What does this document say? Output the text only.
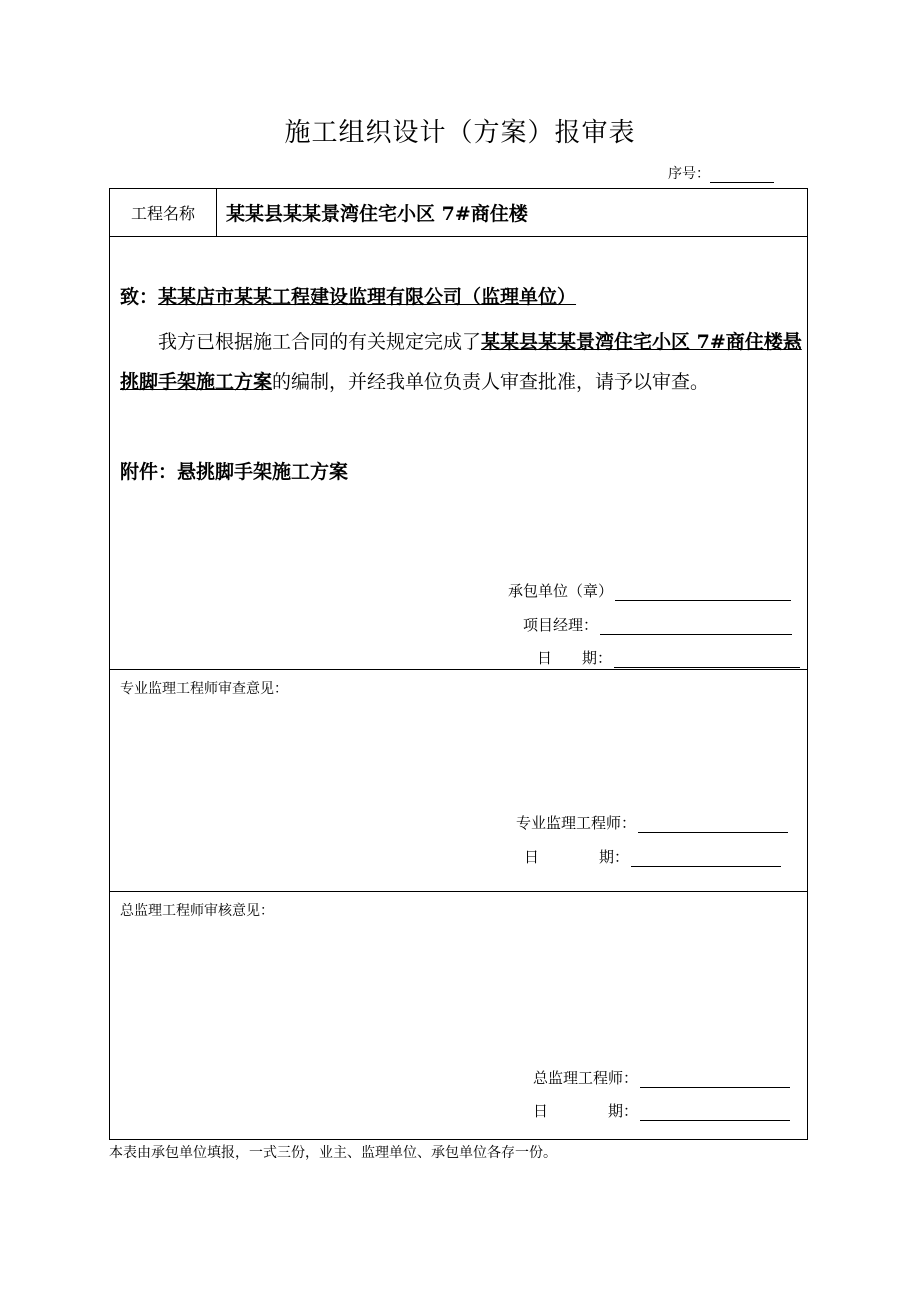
施工组织设计（方案）报审表
序号：
工程名称	某某县某某景湾住宅小区 7#商住楼
致：某某店市某某工程建设监理有限公司（监理单位）
我方已根据施工合同的有关规定完成了某某县某某景湾住宅小区 7#商住楼悬挑脚手架施工方案的编制，并经我单位负责人审查批准，请予以审查。
附件：悬挑脚手架施工方案
承包单位（章）
项目经理：
日　　期：
专业监理工程师审查意见：
专业监理工程师：
日　　　　期：
总监理工程师审核意见：
总监理工程师：
日　　　　期：
本表由承包单位填报，一式三份，业主、监理单位、承包单位各存一份。
